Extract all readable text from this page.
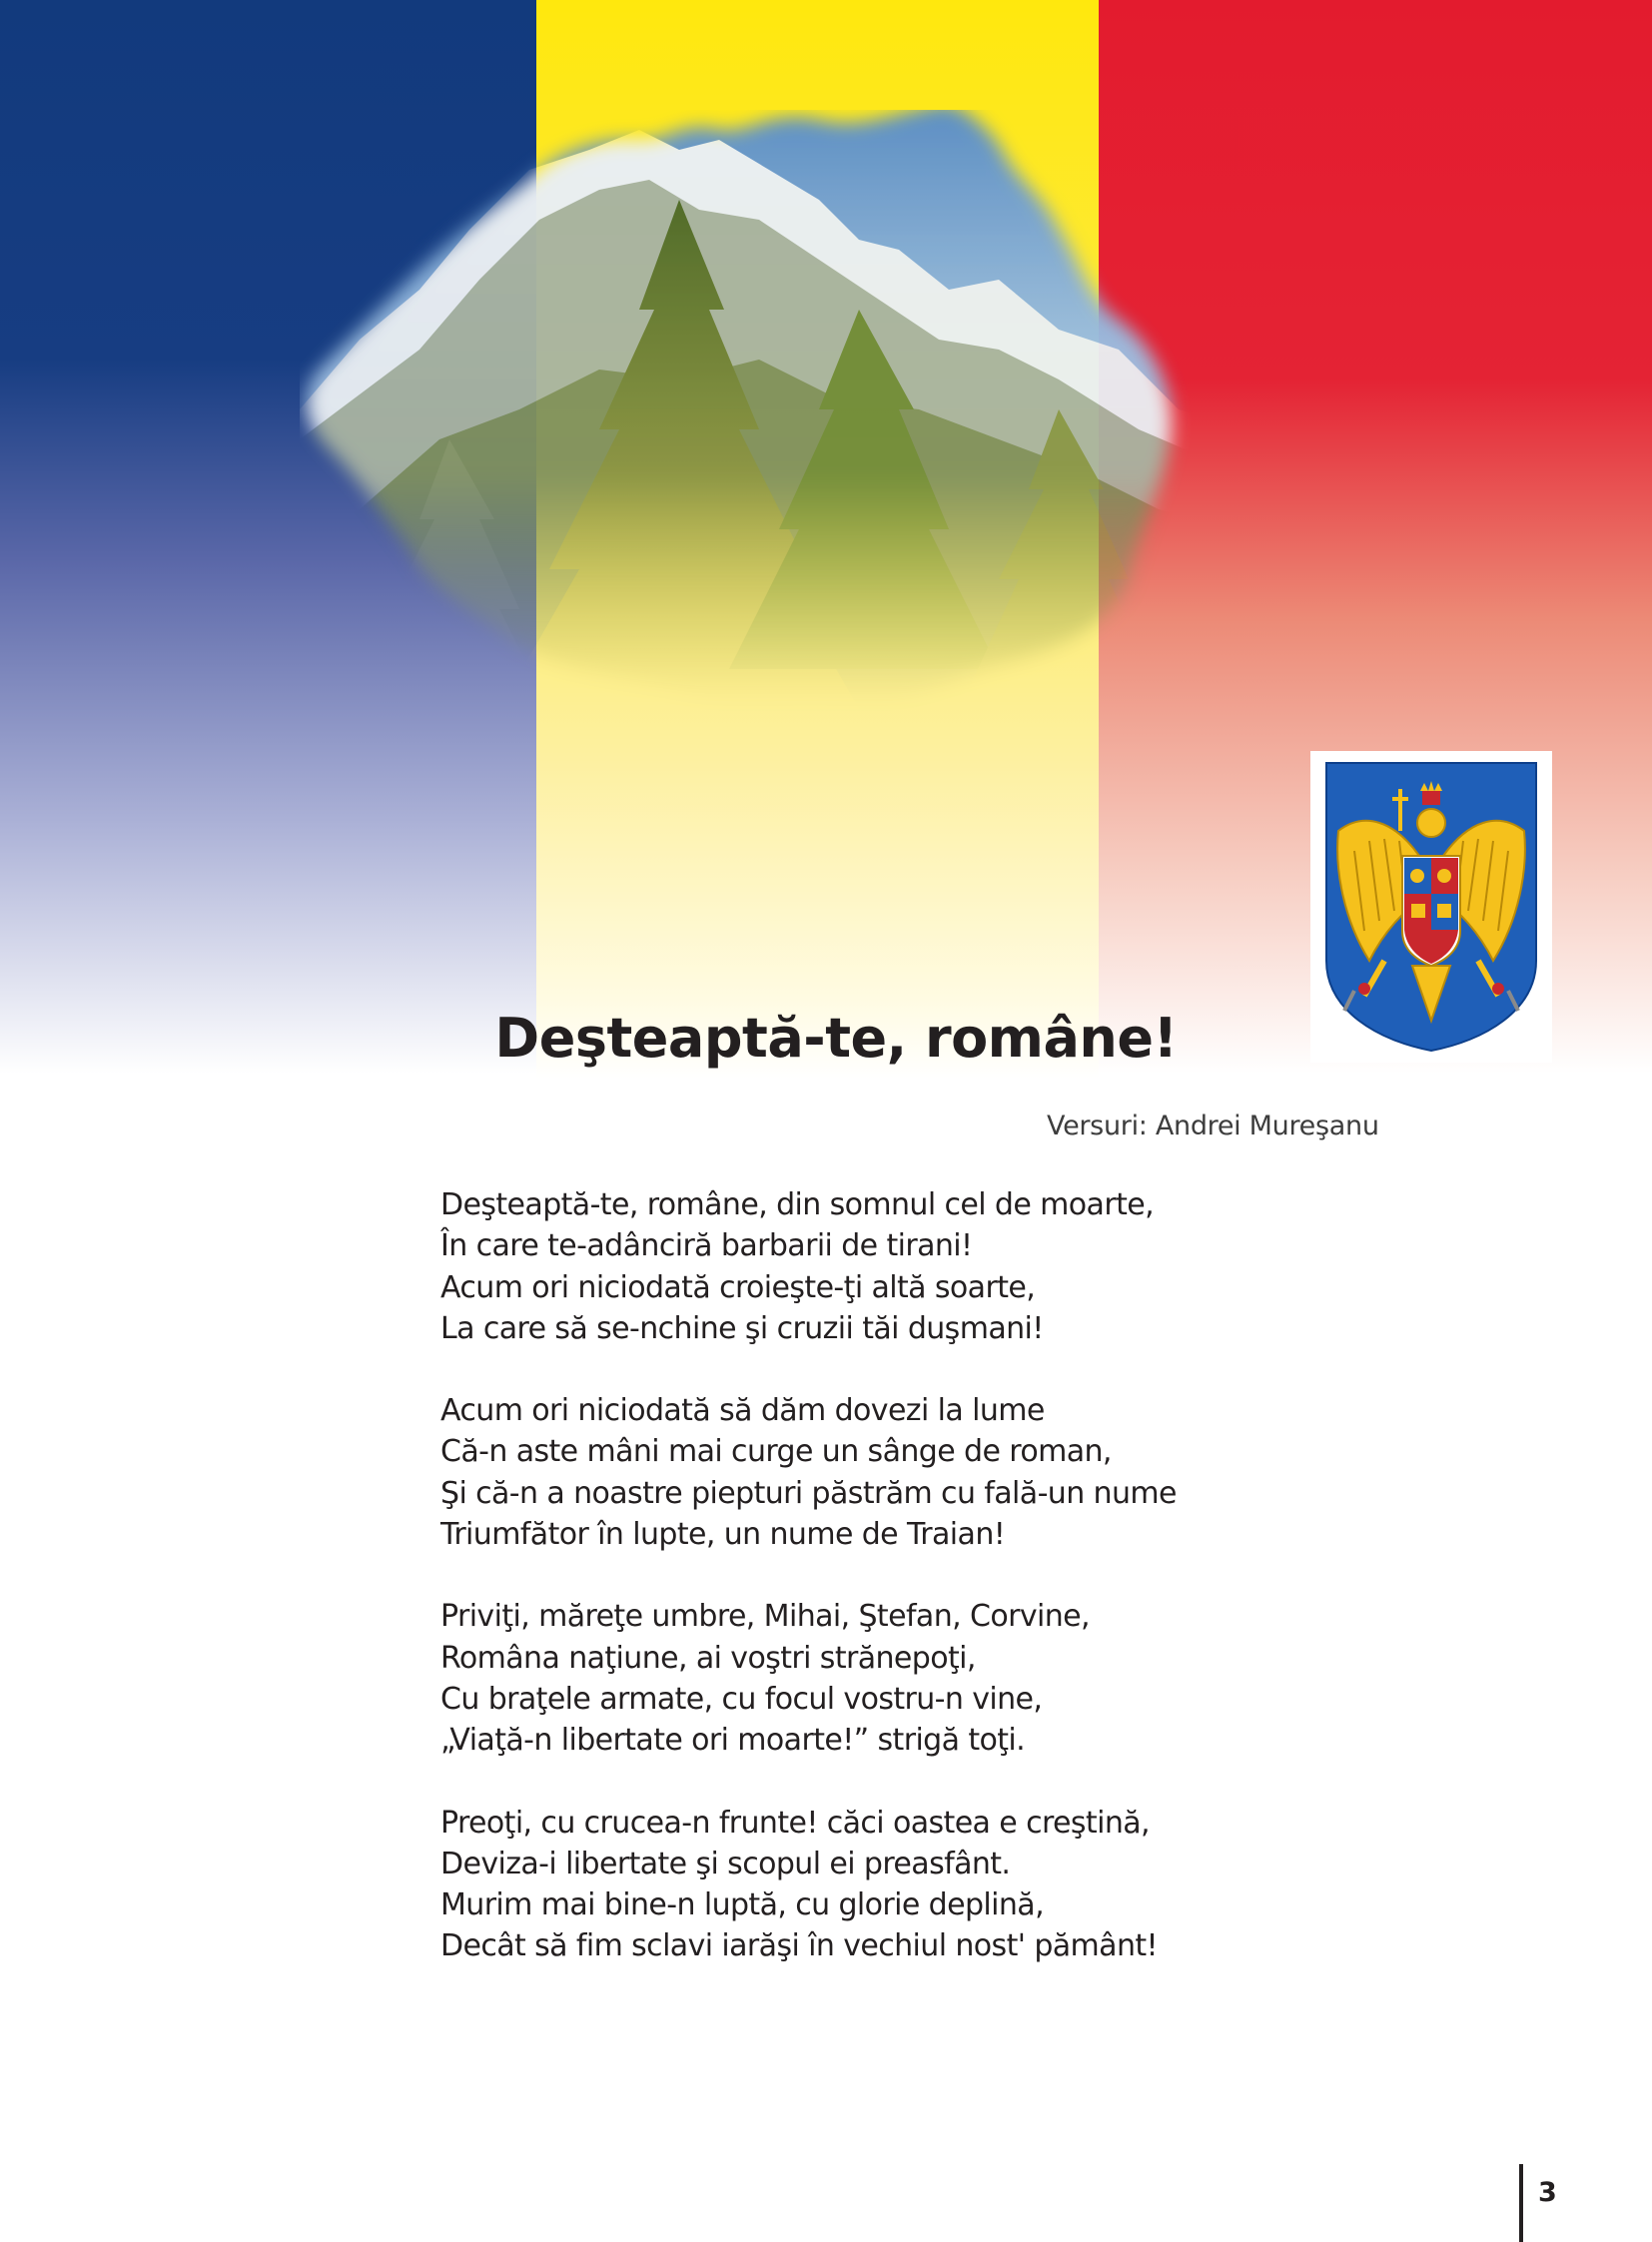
Deşteaptă-te, române!
Versuri: Andrei Mureşanu
Deşteaptă-te, române, din somnul cel de moarte,
În care te-adânciră barbarii de tirani!
Acum ori niciodată croieşte-ţi altă soarte,
La care să se-nchine şi cruzii tăi duşmani!
Acum ori niciodată să dăm dovezi la lume
Că-n aste mâni mai curge un sânge de roman,
Şi că-n a noastre piepturi păstrăm cu fală-un nume
Triumfător în lupte, un nume de Traian!
Priviţi, măreţe umbre, Mihai, Ştefan, Corvine,
Românа naţiune, ai voştri strănepoţi,
Cu braţele armate, cu focul vostru-n vine,
„Viaţă-n libertate ori moarte!” strigă toţi.
Preoţi, cu crucea-n frunte! căci oastea e creştină,
Deviza-i libertate şi scopul ei preasfânt.
Murim mai bine-n luptă, cu glorie deplină,
Decât să fim sclavi iarăşi în vechiul nost' pământ!
3
